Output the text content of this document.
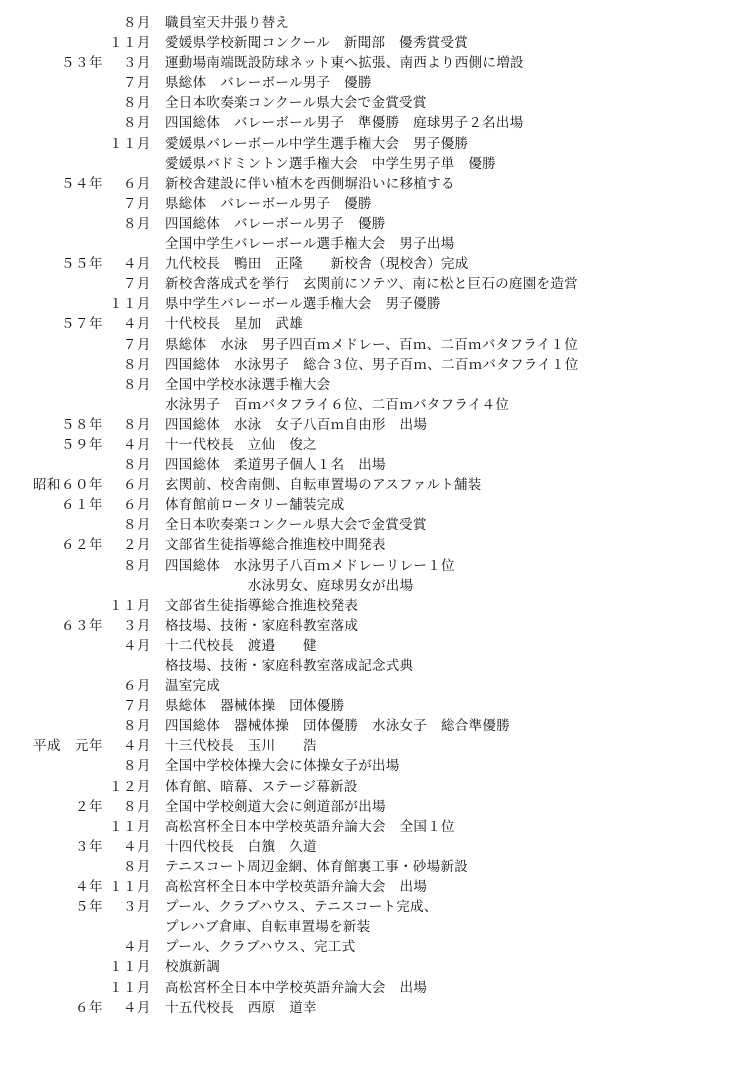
８月 職員室天井張り替え
１１月 愛媛県学校新聞コンクール　新聞部　優秀賞受賞
５３年 ３月 運動場南端既設防球ネット東へ拡張、南西より西側に増設
７月 県総体　バレーボール男子　優勝
８月 全日本吹奏楽コンクール県大会で金賞受賞
８月 四国総体　バレーボール男子　準優勝　庭球男子２名出場
１１月 愛媛県バレーボール中学生選手権大会　男子優勝
愛媛県バドミントン選手権大会　中学生男子単　優勝
５４年 ６月 新校舎建設に伴い植木を西側塀沿いに移植する
７月 県総体　バレーボール男子　優勝
８月 四国総体　バレーボール男子　優勝
全国中学生バレーボール選手権大会　男子出場
５５年 ４月 九代校長　鴨田　正隆　　新校舎（現校舎）完成
７月 新校舎落成式を挙行　玄関前にソテツ、南に松と巨石の庭園を造営
１１月 県中学生バレーボール選手権大会　男子優勝
５７年 ４月 十代校長　星加　武雄
７月 県総体　水泳　男子四百ｍメドレー、百ｍ、二百ｍバタフライ１位
８月 四国総体　水泳男子　総合３位、男子百ｍ、二百ｍバタフライ１位
８月 全国中学校水泳選手権大会
水泳男子　百ｍバタフライ６位、二百ｍバタフライ４位
５８年 ８月 四国総体　水泳　女子八百ｍ自由形　出場
５９年 ４月 十一代校長　立仙　俊之
８月 四国総体　柔道男子個人１名　出場
昭和６０年 ６月 玄関前、校舎南側、自転車置場のアスファルト舗装
６１年 ６月 体育館前ロータリー舗装完成
８月 全日本吹奏楽コンクール県大会で金賞受賞
６２年 ２月 文部省生徒指導総合推進校中間発表
８月 四国総体　水泳男子八百ｍメドレーリレー１位
　　　　　　水泳男女、庭球男女が出場
１１月 文部省生徒指導総合推進校発表
６３年 ３月 格技場、技術・家庭科教室落成
４月 十二代校長　渡邉　　健
格技場、技術・家庭科教室落成記念式典
６月 温室完成
７月 県総体　器械体操　団体優勝
８月 四国総体　器械体操　団体優勝　水泳女子　総合準優勝
平成　元年 ４月 十三代校長　玉川　　浩
８月 全国中学校体操大会に体操女子が出場
１２月 体育館、暗幕、ステージ幕新設
２年 ８月 全国中学校剣道大会に剣道部が出場
１１月 高松宮杯全日本中学校英語弁論大会　全国１位
３年 ４月 十四代校長　白籏　久道
８月 テニスコート周辺金網、体育館裏工事・砂場新設
４年 １１月 高松宮杯全日本中学校英語弁論大会　出場
５年 ３月 プール、クラブハウス、テニスコート完成、
プレハブ倉庫、自転車置場を新装
４月 プール、クラブハウス、完工式
１１月 校旗新調
１１月 高松宮杯全日本中学校英語弁論大会　出場
６年 ４月 十五代校長　西原　道幸
